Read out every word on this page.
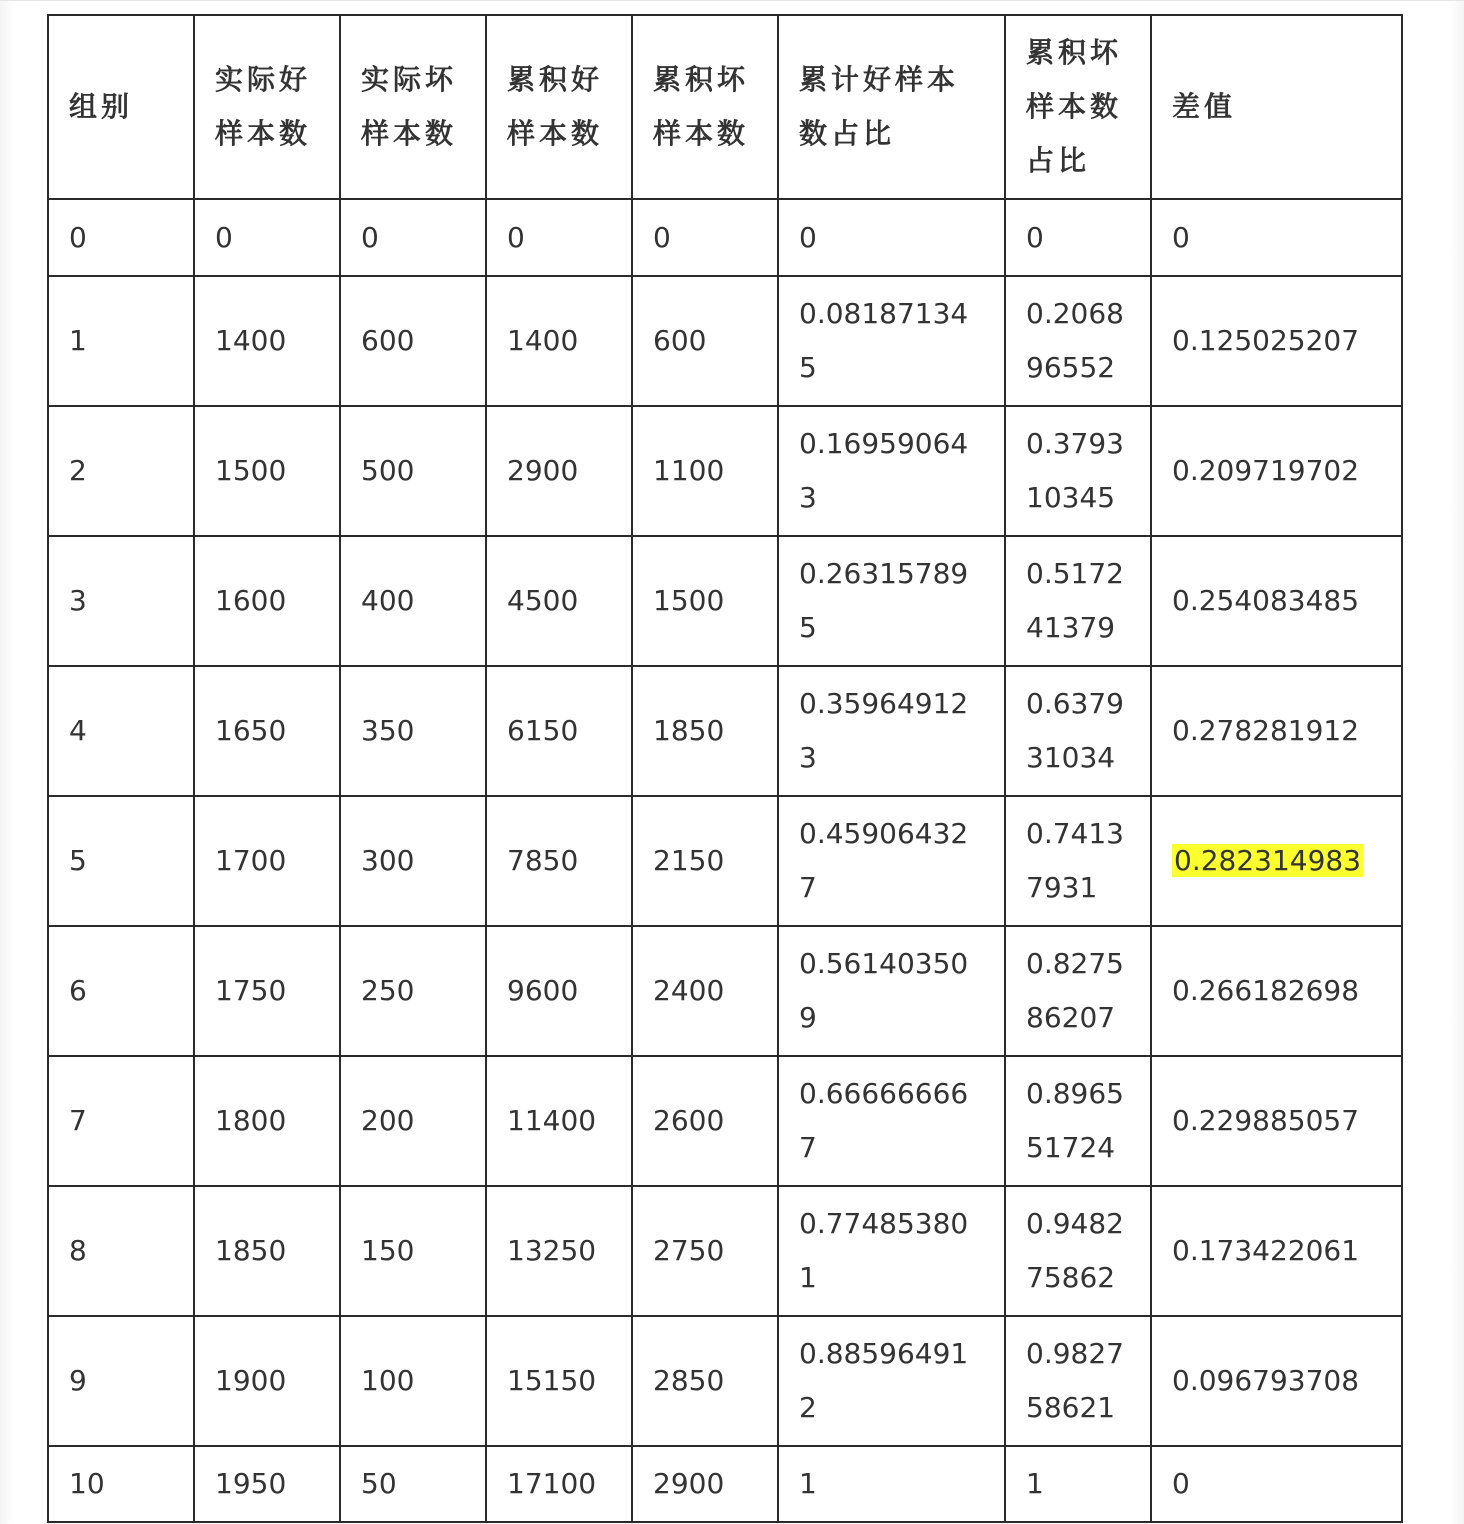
组别	实际好样本数	实际坏样本数	累积好样本数	累积坏样本数	累计好样本数占比	累积坏样本数占比	差值
0	0	0	0	0	0	0	0
1	1400	600	1400	600	0.081871345	0.206896552	0.125025207
2	1500	500	2900	1100	0.169590643	0.379310345	0.209719702
3	1600	400	4500	1500	0.263157895	0.517241379	0.254083485
4	1650	350	6150	1850	0.359649123	0.637931034	0.278281912
5	1700	300	7850	2150	0.459064327	0.74137931	0.282314983
6	1750	250	9600	2400	0.561403509	0.827586207	0.266182698
7	1800	200	11400	2600	0.666666667	0.896551724	0.229885057
8	1850	150	13250	2750	0.774853801	0.948275862	0.173422061
9	1900	100	15150	2850	0.885964912	0.982758621	0.096793708
10	1950	50	17100	2900	1	1	0
